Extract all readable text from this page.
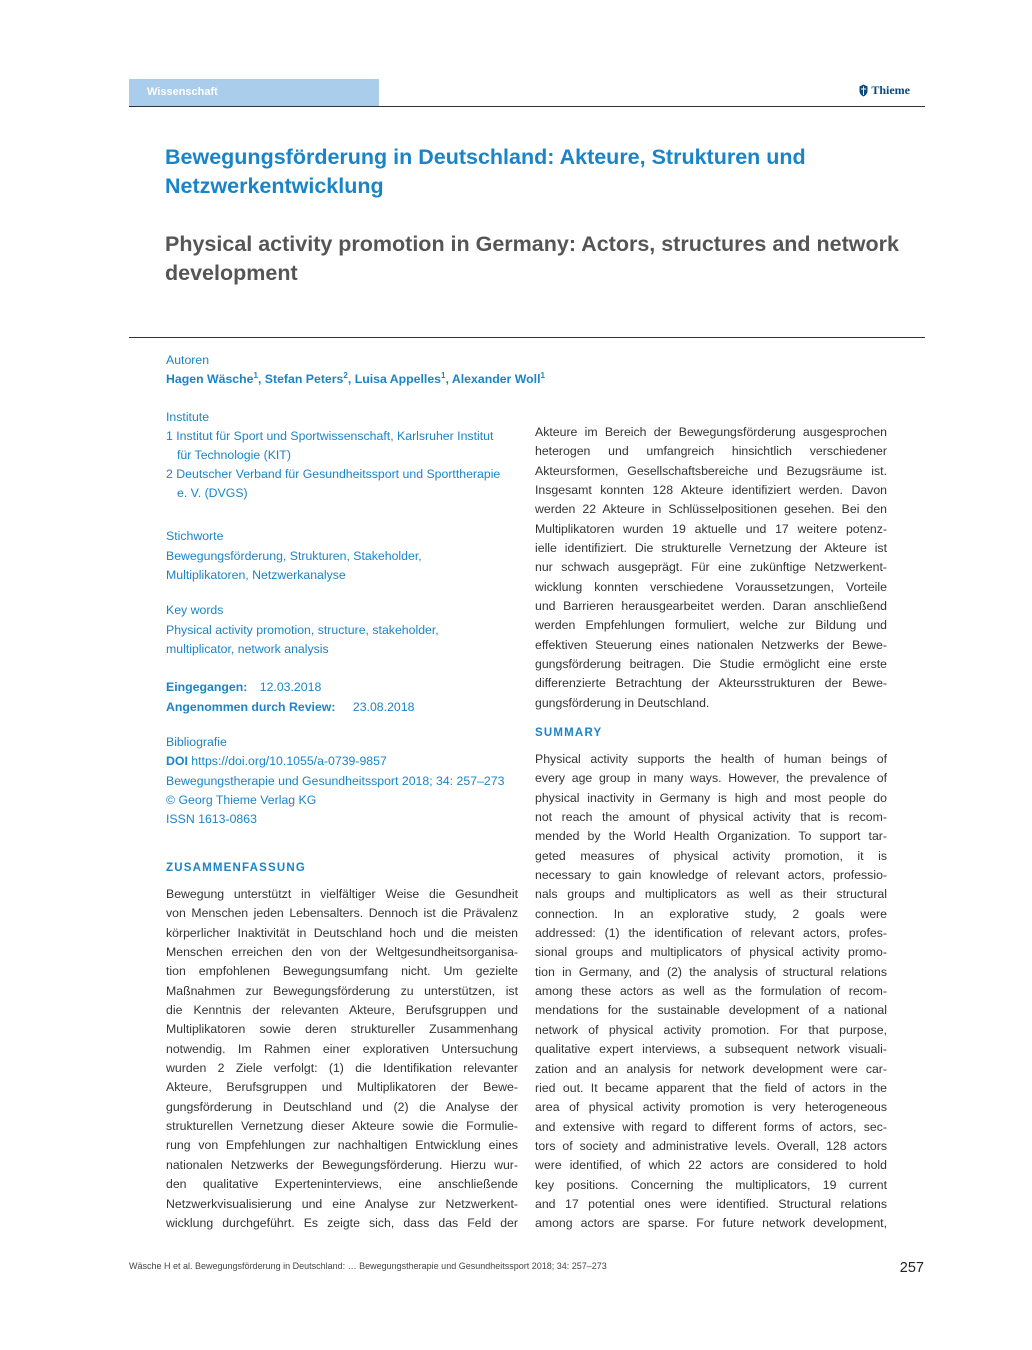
Wissenschaft	Thieme
Bewegungsförderung in Deutschland: Akteure, Strukturen und Netzwerkentwicklung
Physical activity promotion in Germany: Actors, structures and network development
Autoren
Hagen Wäsche$^1$, Stefan Peters$^2$, Luisa Appelles$^1$, Alexander Woll$^1$
Institute
1 Institut für Sport und Sportwissenschaft, Karlsruher Institut
für Technologie (KIT)
2 Deutscher Verband für Gesundheitssport und Sporttherapie
e. V. (DVGS)
Stichworte
Bewegungsförderung, Strukturen, Stakeholder,
Multiplikatoren, Netzwerkanalyse
Key words
Physical activity promotion, structure, stakeholder,
multiplicator, network analysis
Eingegangen: 12.03.2018
Angenommen durch Review: 23.08.2018
Bibliografie
DOI https://doi.org/10.1055/a-0739-9857
Bewegungstherapie und Gesundheitssport 2018; 34: 257–273
© Georg Thieme Verlag KG
ISSN 1613-0863
ZUSAMMENFASSUNG
Bewegung unterstützt in vielfältiger Weise die Gesundheit
von Menschen jeden Lebensalters. Dennoch ist die Prävalenz
körperlicher Inaktivität in Deutschland hoch und die meisten
Menschen erreichen den von der Weltgesundheitsorganisa-
tion empfohlenen Bewegungsumfang nicht. Um gezielte
Maßnahmen zur Bewegungsförderung zu unterstützen, ist
die Kenntnis der relevanten Akteure, Berufsgruppen und
Multiplikatoren sowie deren struktureller Zusammenhang
notwendig. Im Rahmen einer explorativen Untersuchung
wurden 2 Ziele verfolgt: (1) die Identifikation relevanter
Akteure, Berufsgruppen und Multiplikatoren der Bewe-
gungsförderung in Deutschland und (2) die Analyse der
strukturellen Vernetzung dieser Akteure sowie die Formulie-
rung von Empfehlungen zur nachhaltigen Entwicklung eines
nationalen Netzwerks der Bewegungsförderung. Hierzu wur-
den qualitative Experteninterviews, eine anschließende
Netzwerkvisualisierung und eine Analyse zur Netzwerkent-
wicklung durchgeführt. Es zeigte sich, dass das Feld der
Akteure im Bereich der Bewegungsförderung ausgesprochen
heterogen und umfangreich hinsichtlich verschiedener
Akteursformen, Gesellschaftsbereiche und Bezugsräume ist.
Insgesamt konnten 128 Akteure identifiziert werden. Davon
werden 22 Akteure in Schlüsselpositionen gesehen. Bei den
Multiplikatoren wurden 19 aktuelle und 17 weitere potenz-
ielle identifiziert. Die strukturelle Vernetzung der Akteure ist
nur schwach ausgeprägt. Für eine zukünftige Netzwerkent-
wicklung konnten verschiedene Voraussetzungen, Vorteile
und Barrieren herausgearbeitet werden. Daran anschließend
werden Empfehlungen formuliert, welche zur Bildung und
effektiven Steuerung eines nationalen Netzwerks der Bewe-
gungsförderung beitragen. Die Studie ermöglicht eine erste
differenzierte Betrachtung der Akteursstrukturen der Bewe-
gungsförderung in Deutschland.
SUMMARY
Physical activity supports the health of human beings of
every age group in many ways. However, the prevalence of
physical inactivity in Germany is high and most people do
not reach the amount of physical activity that is recom-
mended by the World Health Organization. To support tar-
geted measures of physical activity promotion, it is
necessary to gain knowledge of relevant actors, professio-
nals groups and multiplicators as well as their structural
connection. In an explorative study, 2 goals were
addressed: (1) the identification of relevant actors, profes-
sional groups and multiplicators of physical activity promo-
tion in Germany, and (2) the analysis of structural relations
among these actors as well as the formulation of recom-
mendations for the sustainable development of a national
network of physical activity promotion. For that purpose,
qualitative expert interviews, a subsequent network visuali-
zation and an analysis for network development were car-
ried out. It became apparent that the field of actors in the
area of physical activity promotion is very heterogeneous
and extensive with regard to different forms of actors, sec-
tors of society and administrative levels. Overall, 128 actors
were identified, of which 22 actors are considered to hold
key positions. Concerning the multiplicators, 19 current
and 17 potential ones were identified. Structural relations
among actors are sparse. For future network development,
Wäsche H et al. Bewegungsförderung in Deutschland: … Bewegungstherapie und Gesundheitssport 2018; 34: 257–273	257
